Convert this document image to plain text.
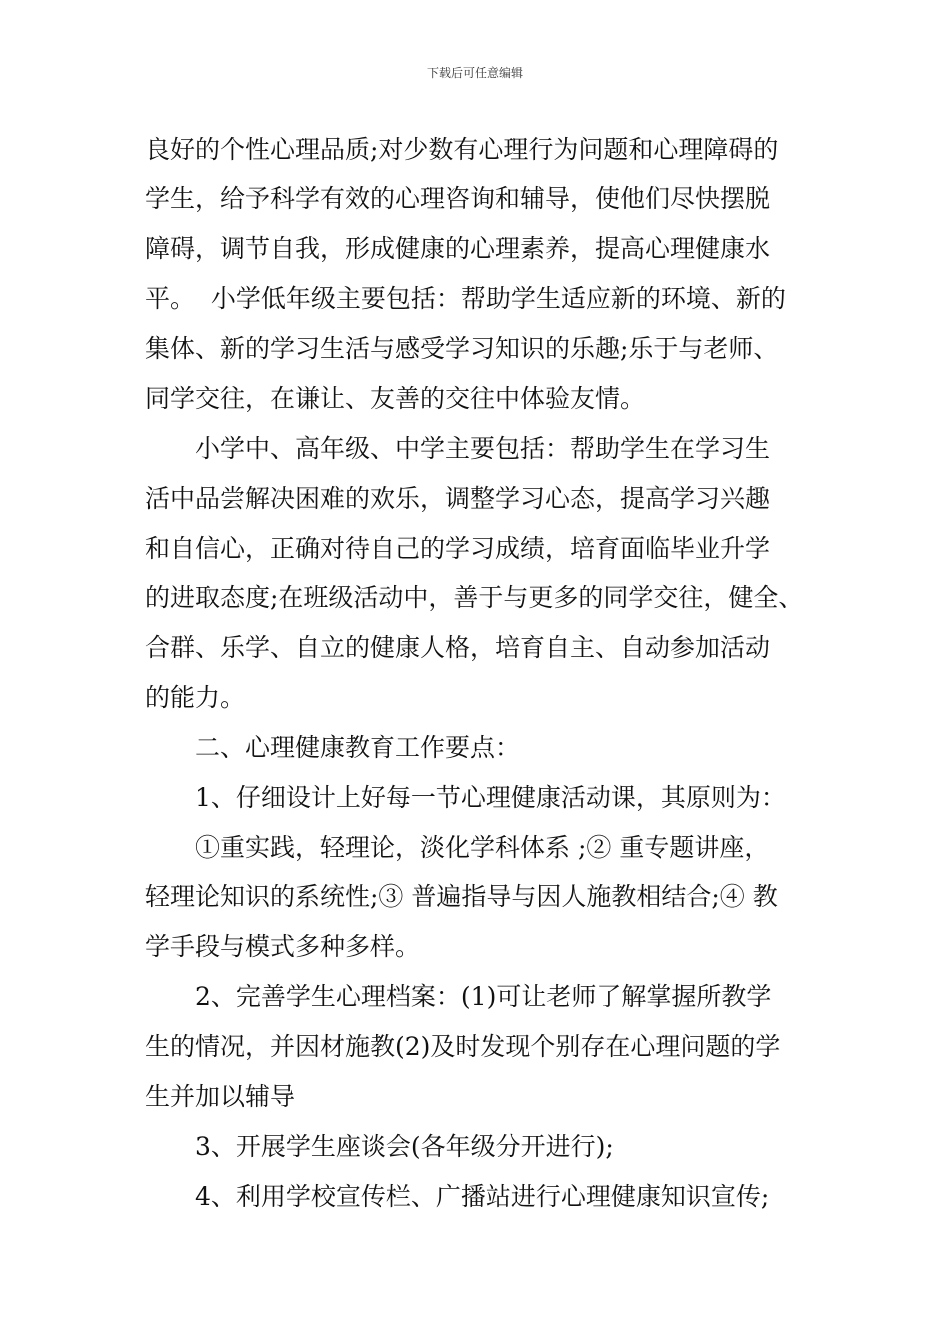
下载后可任意编辑
良好的个性心理品质;对少数有心理行为问题和心理障碍的
学生，给予科学有效的心理咨询和辅导，使他们尽快摆脱
障碍，调节自我，形成健康的心理素养，提高心理健康水
平。  小学低年级主要包括：帮助学生适应新的环境、新的
集体、新的学习生活与感受学习知识的乐趣;乐于与老师、
同学交往，在谦让、友善的交往中体验友情。
小学中、高年级、中学主要包括：帮助学生在学习生
活中品尝解决困难的欢乐，调整学习心态，提高学习兴趣
和自信心，正确对待自己的学习成绩，培育面临毕业升学
的进取态度;在班级活动中，善于与更多的同学交往，健全、
合群、乐学、自立的健康人格，培育自主、自动参加活动
的能力。
二、心理健康教育工作要点：
1、仔细设计上好每一节心理健康活动课，其原则为：
①重实践，轻理论，淡化学科体系 ;② 重专题讲座，
轻理论知识的系统性;③ 普遍指导与因人施教相结合;④ 教
学手段与模式多种多样。
2、完善学生心理档案：(1)可让老师了解掌握所教学
生的情况，并因材施教(2)及时发现个别存在心理问题的学
生并加以辅导
3、开展学生座谈会(各年级分开进行);
4、利用学校宣传栏、广播站进行心理健康知识宣传;
